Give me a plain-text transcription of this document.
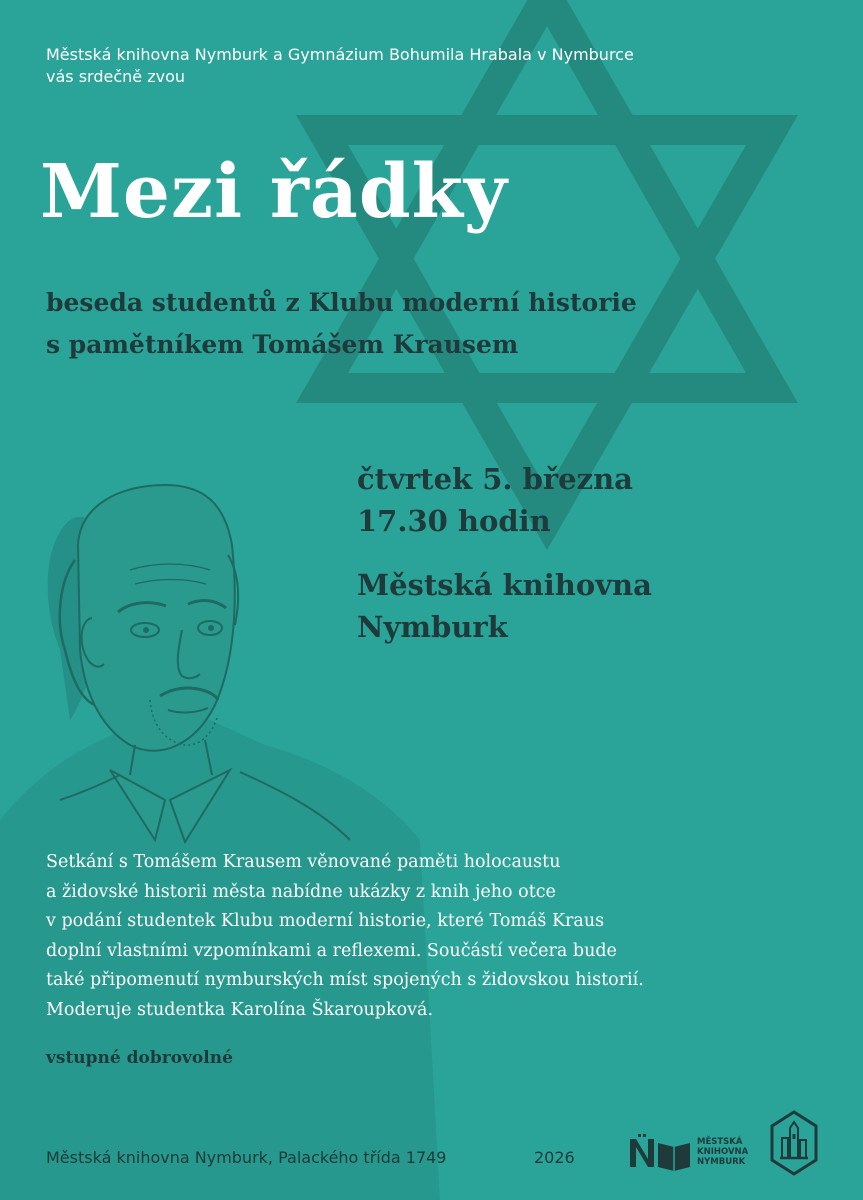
Městská knihovna Nymburk a Gymnázium Bohumila Hrabala v Nymburce
vás srdečně zvou
Mezi řádky
beseda studentů z Klubu moderní historie
s pamětníkem Tomášem Krausem
čtvrtek 5. března
17.30 hodin
Městská knihovna
Nymburk
Setkání s Tomášem Krausem věnované paměti holocaustu
a židovské historii města nabídne ukázky z knih jeho otce
v podání studentek Klubu moderní historie, které Tomáš Kraus
doplní vlastními vzpomínkami a reflexemi. Součástí večera bude
také připomenutí nymburských míst spojených s židovskou historií.
Moderuje studentka Karolína Škaroupková.
vstupné dobrovolné
Městská knihovna Nymburk, Palackého třída 1749	2026
MĚSTSKÁ
KNIHOVNA
NYMBURK
